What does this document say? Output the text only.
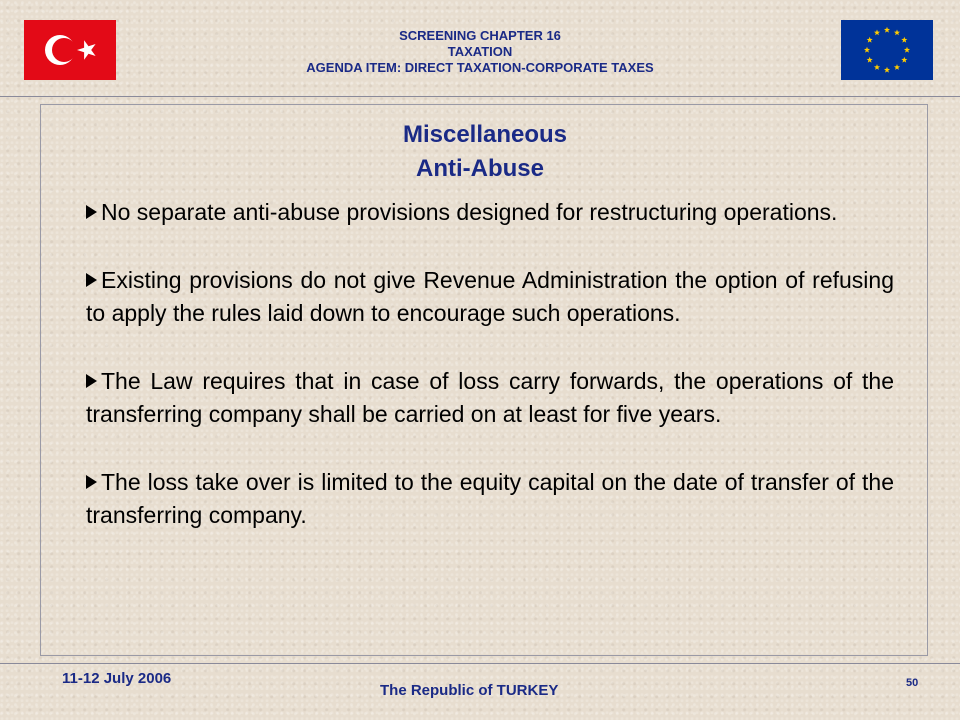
SCREENING CHAPTER 16
TAXATION
AGENDA ITEM: DIRECT TAXATION-CORPORATE TAXES
Miscellaneous
Anti-Abuse
No separate anti-abuse provisions designed for restructuring operations.
Existing provisions do not give Revenue Administration the option of refusing to apply the rules laid down to encourage such operations.
The Law requires that in case of loss carry forwards, the operations of the transferring company shall be carried on at least for five years.
The loss take over is limited to the equity capital on the date of transfer of the transferring company.
11-12 July 2006
The Republic of TURKEY	50
